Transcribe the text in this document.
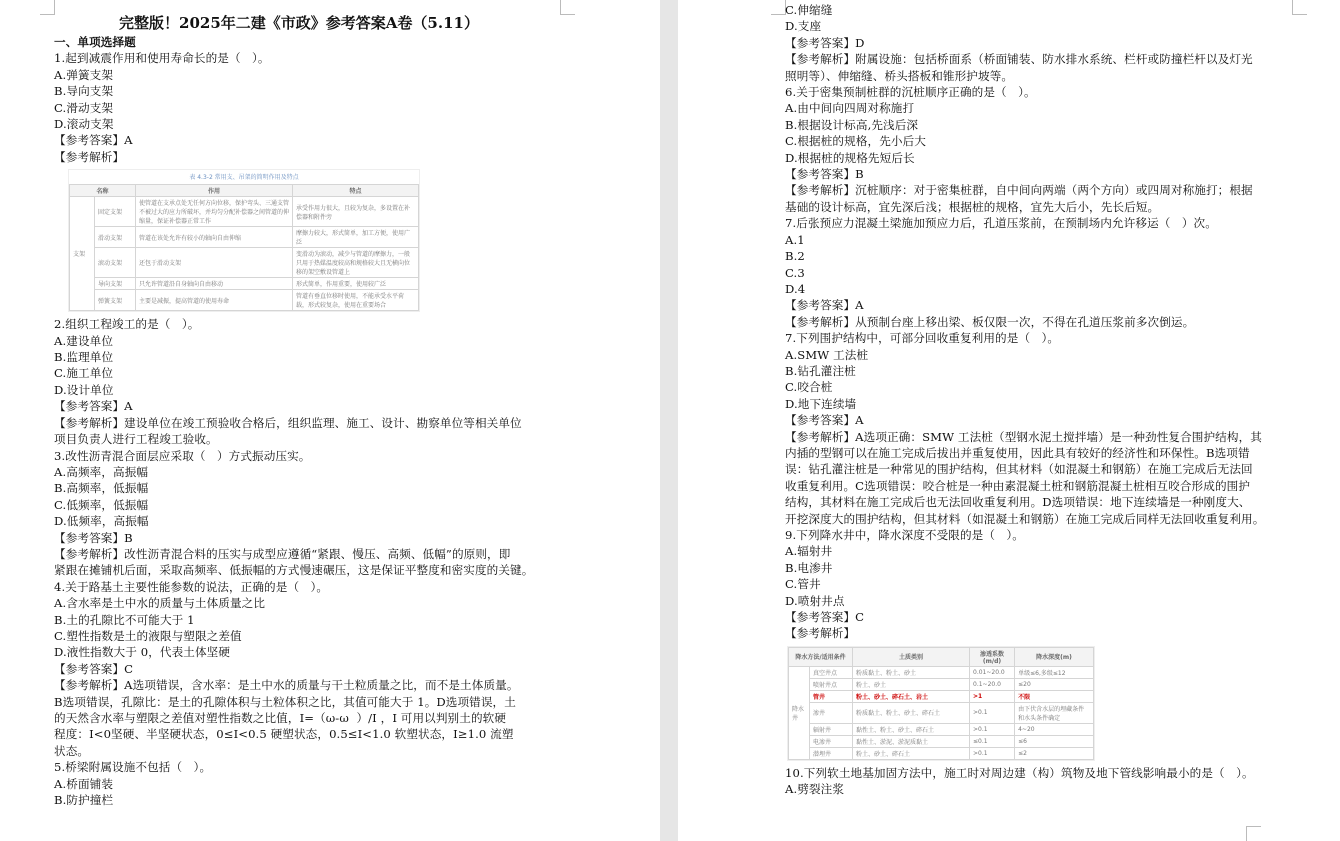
完整版！2025年二建《市政》参考答案A卷（5.11）
一、单项选择题
1.起到减震作用和使用寿命长的是（   ）。
A.弹簧支架
B.导向支架
C.滑动支架
D.滚动支架
【参考答案】A
【参考解析】
表 4.3-2 常用支、吊架的简明作用及特点
名称		作用	特点
支架	固定支架	使管道在支承点处无任何方向位移，保护弯头、三通支管不被过大的应力所破坏，并均匀分配补偿器之间管道的伸缩量，保证补偿器正常工作	承受作用力很大，且较为复杂，多设置在补偿器和附件旁
	滑动支架	管道在该处允许有较小的轴向自由伸缩	摩擦力较大，形式简单，加工方便，使用广泛
	滚动支架	还包于滑动支架	变滑动为滚动，减少与管道的摩擦力，一般只用于热媒温度较高和规格较大且无横向位移的架空敷设管道上
	导向支架	只允许管道沿自身轴向自由移动	形式简单，作用重要，使用较广泛
	弹簧支架	主要是减振，提高管道的使用寿命	管道有垂直位移时使用，不能承受水平荷载，形式较复杂，使用在重要场合
2.组织工程竣工的是（   ）。
A.建设单位
B.监理单位
C.施工单位
D.设计单位
【参考答案】A
【参考解析】建设单位在竣工预验收合格后，组织监理、施工、设计、勘察单位等相关单位
项目负责人进行工程竣工验收。
3.改性沥青混合面层应采取（   ）方式振动压实。
A.高频率，高振幅
B.高频率，低振幅
C.低频率，低振幅
D.低频率，高振幅
【参考答案】B
【参考解析】改性沥青混合料的压实与成型应遵循“紧跟、慢压、高频、低幅”的原则，即
紧跟在摊铺机后面，采取高频率、低振幅的方式慢速碾压，这是保证平整度和密实度的关键。
4.关于路基土主要性能参数的说法，正确的是（   ）。
A.含水率是土中水的质量与土体质量之比
B.土的孔隙比不可能大于 1
C.塑性指数是土的液限与塑限之差值
D.液性指数大于 0，代表土体坚硬
【参考答案】C
【参考解析】A选项错误，含水率：是土中水的质量与干土粒质量之比，而不是土体质量。
B选项错误，孔隙比：是土的孔隙体积与土粒体积之比，其值可能大于 1。D选项错误，土
的天然含水率与塑限之差值对塑性指数之比值，I=（ω-ω  ）/I ，I 可用以判别土的软硬
程度：I<0坚硬、半坚硬状态，0≤I<0.5 硬塑状态，0.5≤I<1.0 软塑状态，I≥1.0 流塑
状态。
5.桥梁附属设施不包括（   ）。
A.桥面铺装
B.防护撞栏
C.伸缩缝
D.支座
【参考答案】D
【参考解析】附属设施：包括桥面系（桥面铺装、防水排水系统、栏杆或防撞栏杆以及灯光
照明等）、伸缩缝、桥头搭板和锥形护坡等。
6.关于密集预制桩群的沉桩顺序正确的是（   ）。
A.由中间向四周对称施打
B.根据设计标高,先浅后深
C.根据桩的规格，先小后大
D.根据桩的规格先短后长
【参考答案】B
【参考解析】沉桩顺序：对于密集桩群，自中间向两端（两个方向）或四周对称施打；根据
基础的设计标高，宜先深后浅；根据桩的规格，宜先大后小，先长后短。
7.后张预应力混凝土梁施加预应力后，孔道压浆前，在预制场内允许移运（   ）次。
A.1
B.2
C.3
D.4
【参考答案】A
【参考解析】从预制台座上移出梁、板仅限一次，不得在孔道压浆前多次倒运。
7.下列围护结构中，可部分回收重复利用的是（   ）。
A.SMW 工法桩
B.钻孔灌注桩
C.咬合桩
D.地下连续墙
【参考答案】A
【参考解析】A选项正确：SMW 工法桩（型钢水泥土搅拌墙）是一种劲性复合围护结构，其
内插的型钢可以在施工完成后拔出并重复使用，因此具有较好的经济性和环保性。B选项错
误：钻孔灌注桩是一种常见的围护结构，但其材料（如混凝土和钢筋）在施工完成后无法回
收重复利用。C选项错误：咬合桩是一种由素混凝土桩和钢筋混凝土桩相互咬合形成的围护
结构，其材料在施工完成后也无法回收重复利用。D选项错误：地下连续墙是一种刚度大、
开挖深度大的围护结构，但其材料（如混凝土和钢筋）在施工完成后同样无法回收重复利用。
9.下列降水井中，降水深度不受限的是（   ）。
A.辐射井
B.电渗井
C.管井
D.喷射井点
【参考答案】C
【参考解析】
降水方法/适用条件		土质类别	渗透系数(m/d)	降水深度(m)
降水井	真空井点	粉质黏土、粉土、砂土	0.01~20.0	单级≤6,多级≤12
	喷射井点	粉土、砂土	0.1~20.0	≤20
	管井	粉土、砂土、碎石土、岩土	>1	不限
	渗井	粉质黏土、粉土、砂土、碎石土	>0.1	由下伏含水层的埋藏条件和水头条件确定
	辐射井	黏性土、粉土、砂土、碎石土	>0.1	4~20
	电渗井	黏性土、淤泥、淤泥质黏土	≤0.1	≤6
	潜埋井	粉土、砂土、碎石土	>0.1	≤2
10.下列软土地基加固方法中，施工时对周边建（构）筑物及地下管线影响最小的是（   ）。
A.劈裂注浆
